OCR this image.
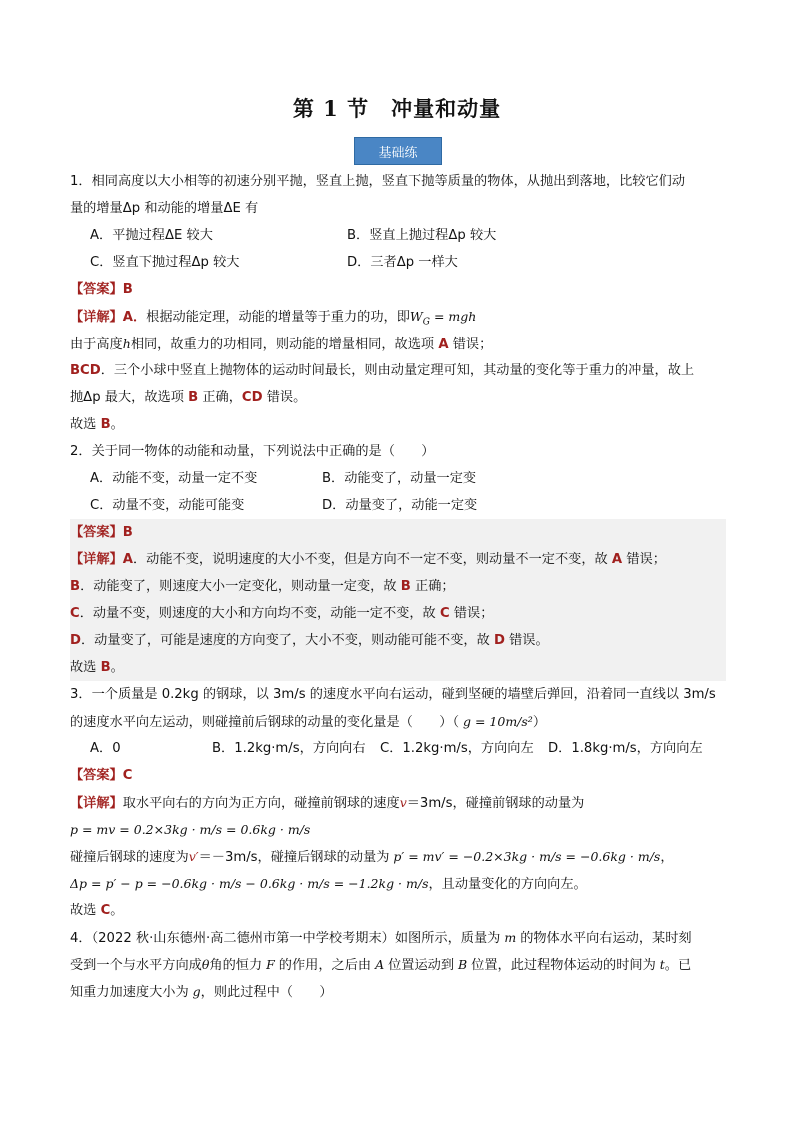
第 1 节　冲量和动量
基础练
1．相同高度以大小相等的初速分别平抛，竖直上抛，竖直下抛等质量的物体，从抛出到落地，比较它们动
量的增量Δp 和动能的增量ΔE 有
A．平抛过程ΔE 较大	B．竖直上抛过程Δp 较大
C．竖直下抛过程Δp 较大	D．三者Δp 一样大
【答案】B
【详解】A．根据动能定理，动能的增量等于重力的功，即$W_G$ = mgh
由于高度h相同，故重力的功相同，则动能的增量相同，故选项 A 错误；
BCD．三个小球中竖直上抛物体的运动时间最长，则由动量定理可知，其动量的变化等于重力的冲量，故上
抛Δp 最大，故选项 B 正确，CD 错误。
故选 B。
2．关于同一物体的动能和动量，下列说法中正确的是（　　）
A．动能不变，动量一定不变	B．动能变了，动量一定变
C．动量不变，动能可能变	D．动量变了，动能一定变
【答案】B
【详解】A．动能不变，说明速度的大小不变，但是方向不一定不变，则动量不一定不变，故 A 错误；
B．动能变了，则速度大小一定变化，则动量一定变，故 B 正确；
C．动量不变，则速度的大小和方向均不变，动能一定不变，故 C 错误；
D．动量变了，可能是速度的方向变了，大小不变，则动能可能不变，故 D 错误。
故选 B。
3．一个质量是 0.2kg 的钢球，以 3m/s 的速度水平向右运动，碰到坚硬的墙壁后弹回，沿着同一直线以 3m/s
的速度水平向左运动，则碰撞前后钢球的动量的变化量是（　　）（ g = 10m/s²）
A．0	B．1.2kg·m/s，方向向右	C．1.2kg·m/s，方向向左	D．1.8kg·m/s，方向向左
【答案】C
【详解】取水平向右的方向为正方向，碰撞前钢球的速度v＝3m/s，碰撞前钢球的动量为
p = mv = 0.2×3kg · m/s = 0.6kg · m/s
碰撞后钢球的速度为v′＝－3m/s，碰撞后钢球的动量为 p′ = mv′ = −0.2×3kg · m/s = −0.6kg · m/s，
Δp = p′ − p = −0.6kg · m/s − 0.6kg · m/s = −1.2kg · m/s，且动量变化的方向向左。
故选 C。
4．（2022 秋·山东德州·高二德州市第一中学校考期末）如图所示，质量为 m 的物体水平向右运动，某时刻
受到一个与水平方向成θ角的恒力 F 的作用，之后由 A 位置运动到 B 位置，此过程物体运动的时间为 t。已
知重力加速度大小为 g，则此过程中（　　）
